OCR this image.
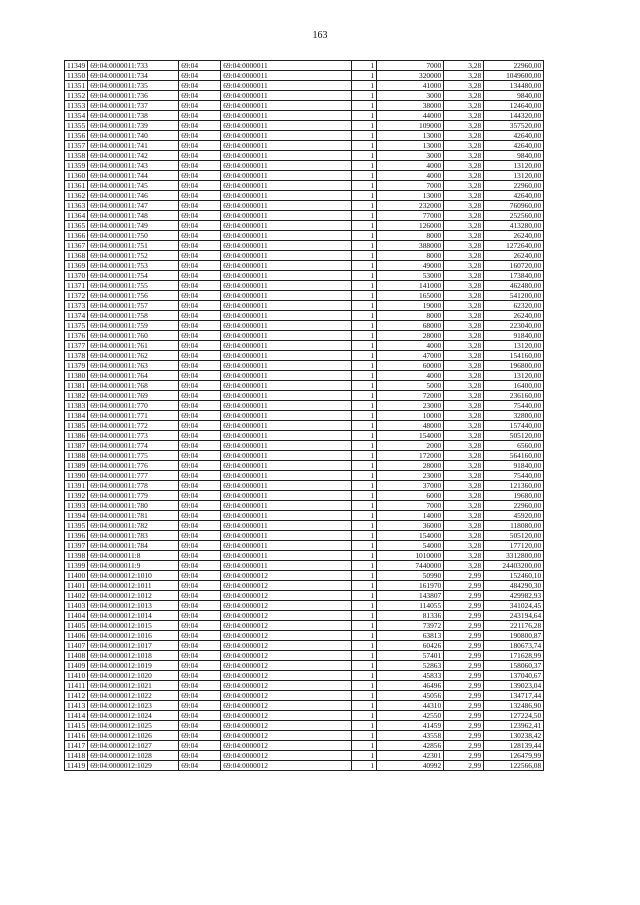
163
11349	69:04:0000011:733	69:04	69:04:0000011	1	7000	3,28	22960,00
11350	69:04:0000011:734	69:04	69:04:0000011	1	320000	3,28	1049600,00
11351	69:04:0000011:735	69:04	69:04:0000011	1	41000	3,28	134480,00
11352	69:04:0000011:736	69:04	69:04:0000011	1	3000	3,28	9840,00
11353	69:04:0000011:737	69:04	69:04:0000011	1	38000	3,28	124640,00
11354	69:04:0000011:738	69:04	69:04:0000011	1	44000	3,28	144320,00
11355	69:04:0000011:739	69:04	69:04:0000011	1	109000	3,28	357520,00
11356	69:04:0000011:740	69:04	69:04:0000011	1	13000	3,28	42640,00
11357	69:04:0000011:741	69:04	69:04:0000011	1	13000	3,28	42640,00
11358	69:04:0000011:742	69:04	69:04:0000011	1	3000	3,28	9840,00
11359	69:04:0000011:743	69:04	69:04:0000011	1	4000	3,28	13120,00
11360	69:04:0000011:744	69:04	69:04:0000011	1	4000	3,28	13120,00
11361	69:04:0000011:745	69:04	69:04:0000011	1	7000	3,28	22960,00
11362	69:04:0000011:746	69:04	69:04:0000011	1	13000	3,28	42640,00
11363	69:04:0000011:747	69:04	69:04:0000011	1	232000	3,28	760960,00
11364	69:04:0000011:748	69:04	69:04:0000011	1	77000	3,28	252560,00
11365	69:04:0000011:749	69:04	69:04:0000011	1	126000	3,28	413280,00
11366	69:04:0000011:750	69:04	69:04:0000011	1	8000	3,28	26240,00
11367	69:04:0000011:751	69:04	69:04:0000011	1	388000	3,28	1272640,00
11368	69:04:0000011:752	69:04	69:04:0000011	1	8000	3,28	26240,00
11369	69:04:0000011:753	69:04	69:04:0000011	1	49000	3,28	160720,00
11370	69:04:0000011:754	69:04	69:04:0000011	1	53000	3,28	173840,00
11371	69:04:0000011:755	69:04	69:04:0000011	1	141000	3,28	462480,00
11372	69:04:0000011:756	69:04	69:04:0000011	1	165000	3,28	541200,00
11373	69:04:0000011:757	69:04	69:04:0000011	1	19000	3,28	62320,00
11374	69:04:0000011:758	69:04	69:04:0000011	1	8000	3,28	26240,00
11375	69:04:0000011:759	69:04	69:04:0000011	1	68000	3,28	223040,00
11376	69:04:0000011:760	69:04	69:04:0000011	1	28000	3,28	91840,00
11377	69:04:0000011:761	69:04	69:04:0000011	1	4000	3,28	13120,00
11378	69:04:0000011:762	69:04	69:04:0000011	1	47000	3,28	154160,00
11379	69:04:0000011:763	69:04	69:04:0000011	1	60000	3,28	196800,00
11380	69:04:0000011:764	69:04	69:04:0000011	1	4000	3,28	13120,00
11381	69:04:0000011:768	69:04	69:04:0000011	1	5000	3,28	16400,00
11382	69:04:0000011:769	69:04	69:04:0000011	1	72000	3,28	236160,00
11383	69:04:0000011:770	69:04	69:04:0000011	1	23000	3,28	75440,00
11384	69:04:0000011:771	69:04	69:04:0000011	1	10000	3,28	32800,00
11385	69:04:0000011:772	69:04	69:04:0000011	1	48000	3,28	157440,00
11386	69:04:0000011:773	69:04	69:04:0000011	1	154000	3,28	505120,00
11387	69:04:0000011:774	69:04	69:04:0000011	1	2000	3,28	6560,00
11388	69:04:0000011:775	69:04	69:04:0000011	1	172000	3,28	564160,00
11389	69:04:0000011:776	69:04	69:04:0000011	1	28000	3,28	91840,00
11390	69:04:0000011:777	69:04	69:04:0000011	1	23000	3,28	75440,00
11391	69:04:0000011:778	69:04	69:04:0000011	1	37000	3,28	121360,00
11392	69:04:0000011:779	69:04	69:04:0000011	1	6000	3,28	19680,00
11393	69:04:0000011:780	69:04	69:04:0000011	1	7000	3,28	22960,00
11394	69:04:0000011:781	69:04	69:04:0000011	1	14000	3,28	45920,00
11395	69:04:0000011:782	69:04	69:04:0000011	1	36000	3,28	118080,00
11396	69:04:0000011:783	69:04	69:04:0000011	1	154000	3,28	505120,00
11397	69:04:0000011:784	69:04	69:04:0000011	1	54000	3,28	177120,00
11398	69:04:0000011:8	69:04	69:04:0000011	1	1010000	3,28	3312800,00
11399	69:04:0000011:9	69:04	69:04:0000011	1	7440000	3,28	24403200,00
11400	69:04:0000012:1010	69:04	69:04:0000012	1	50990	2,99	152460,10
11401	69:04:0000012:1011	69:04	69:04:0000012	1	161970	2,99	484290,30
11402	69:04:0000012:1012	69:04	69:04:0000012	1	143807	2,99	429982,93
11403	69:04:0000012:1013	69:04	69:04:0000012	1	114055	2,99	341024,45
11404	69:04:0000012:1014	69:04	69:04:0000012	1	81336	2,99	243194,64
11405	69:04:0000012:1015	69:04	69:04:0000012	1	73972	2,99	221176,28
11406	69:04:0000012:1016	69:04	69:04:0000012	1	63813	2,99	190800,87
11407	69:04:0000012:1017	69:04	69:04:0000012	1	60426	2,99	180673,74
11408	69:04:0000012:1018	69:04	69:04:0000012	1	57401	2,99	171628,99
11409	69:04:0000012:1019	69:04	69:04:0000012	1	52863	2,99	158060,37
11410	69:04:0000012:1020	69:04	69:04:0000012	1	45833	2,99	137040,67
11411	69:04:0000012:1021	69:04	69:04:0000012	1	46496	2,99	139023,04
11412	69:04:0000012:1022	69:04	69:04:0000012	1	45056	2,99	134717,44
11413	69:04:0000012:1023	69:04	69:04:0000012	1	44310	2,99	132486,90
11414	69:04:0000012:1024	69:04	69:04:0000012	1	42550	2,99	127224,50
11415	69:04:0000012:1025	69:04	69:04:0000012	1	41459	2,99	123962,41
11416	69:04:0000012:1026	69:04	69:04:0000012	1	43558	2,99	130238,42
11417	69:04:0000012:1027	69:04	69:04:0000012	1	42856	2,99	128139,44
11418	69:04:0000012:1028	69:04	69:04:0000012	1	42301	2,99	126479,99
11419	69:04:0000012:1029	69:04	69:04:0000012	1	40992	2,99	122566,08
